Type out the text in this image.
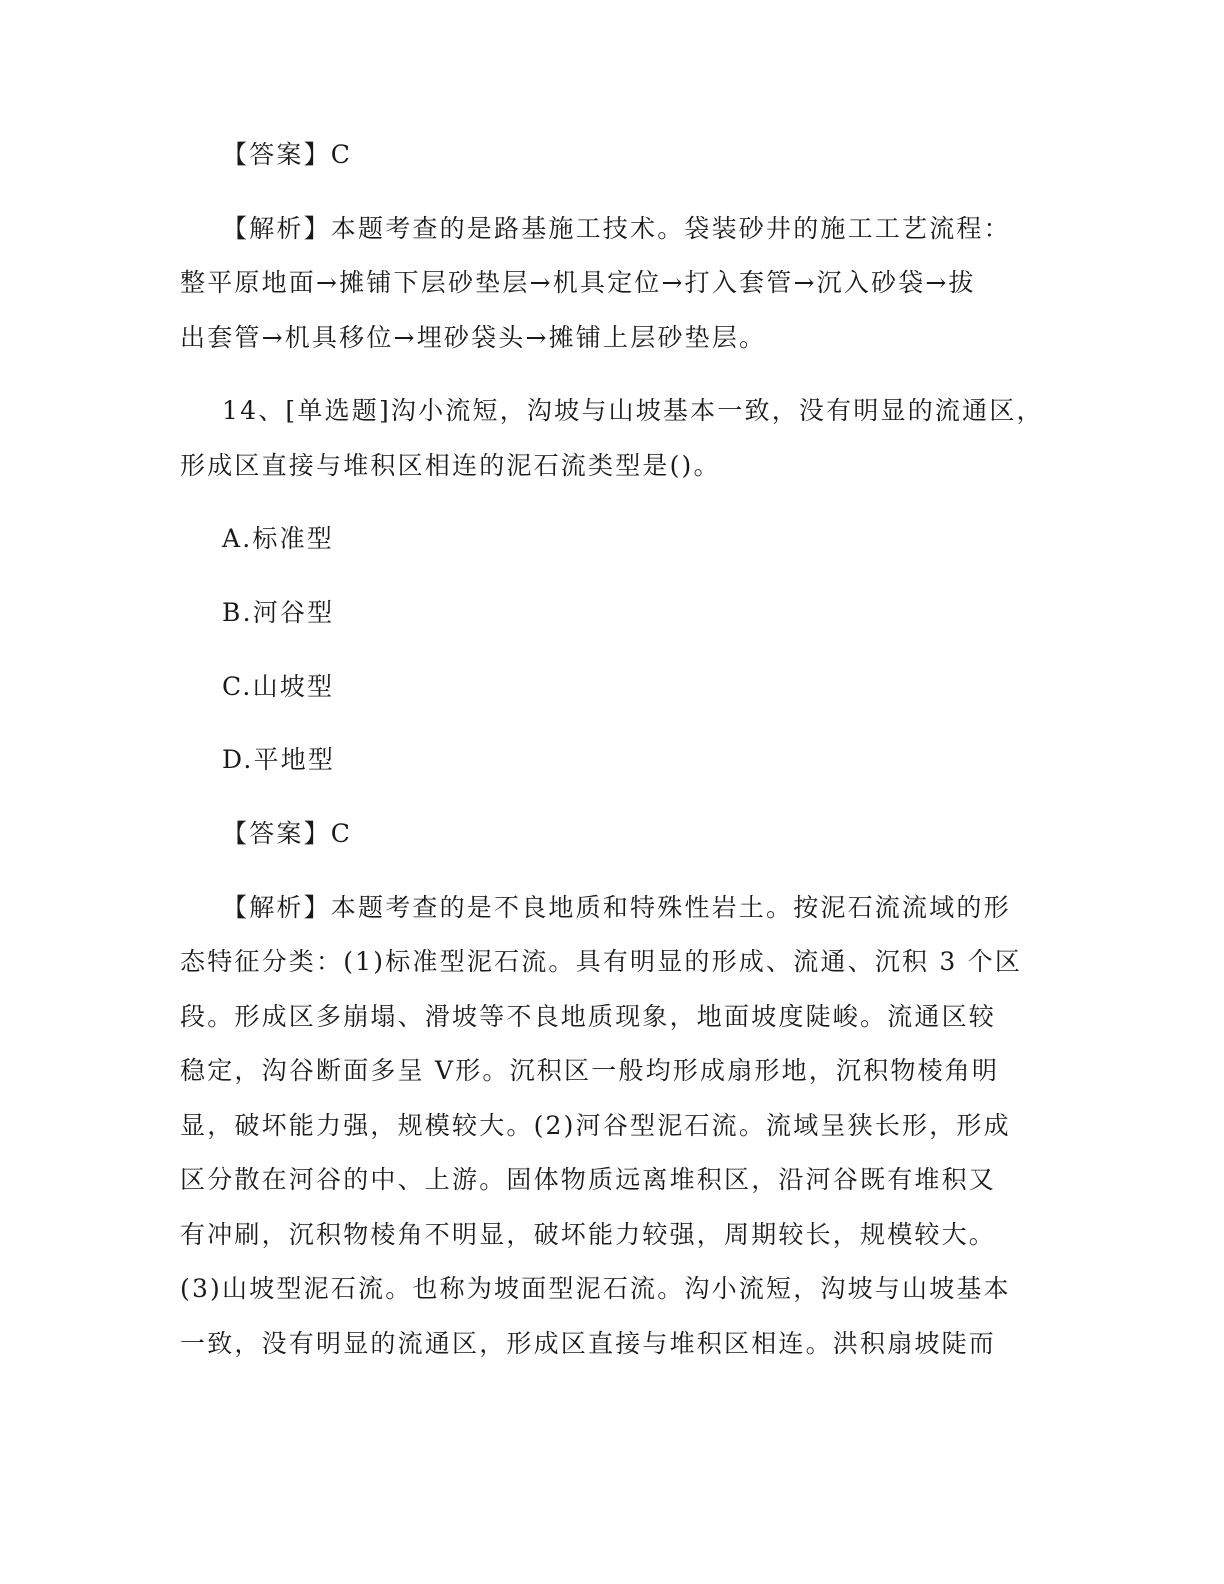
【答案】C
【解析】本题考查的是路基施工技术。袋装砂井的施工工艺流程：
整平原地面→摊铺下层砂垫层→机具定位→打入套管→沉入砂袋→拔
出套管→机具移位→埋砂袋头→摊铺上层砂垫层。
14、[单选题]沟小流短，沟坡与山坡基本一致，没有明显的流通区，
形成区直接与堆积区相连的泥石流类型是()。
A.标准型
B.河谷型
C.山坡型
D.平地型
【答案】C
【解析】本题考查的是不良地质和特殊性岩土。按泥石流流域的形
态特征分类：(1)标准型泥石流。具有明显的形成、流通、沉积 3 个区
段。形成区多崩塌、滑坡等不良地质现象，地面坡度陡峻。流通区较
稳定，沟谷断面多呈 V形。沉积区一般均形成扇形地，沉积物棱角明
显，破坏能力强，规模较大。(2)河谷型泥石流。流域呈狭长形，形成
区分散在河谷的中、上游。固体物质远离堆积区，沿河谷既有堆积又
有冲刷，沉积物棱角不明显，破坏能力较强，周期较长，规模较大。
(3)山坡型泥石流。也称为坡面型泥石流。沟小流短，沟坡与山坡基本
一致，没有明显的流通区，形成区直接与堆积区相连。洪积扇坡陡而
